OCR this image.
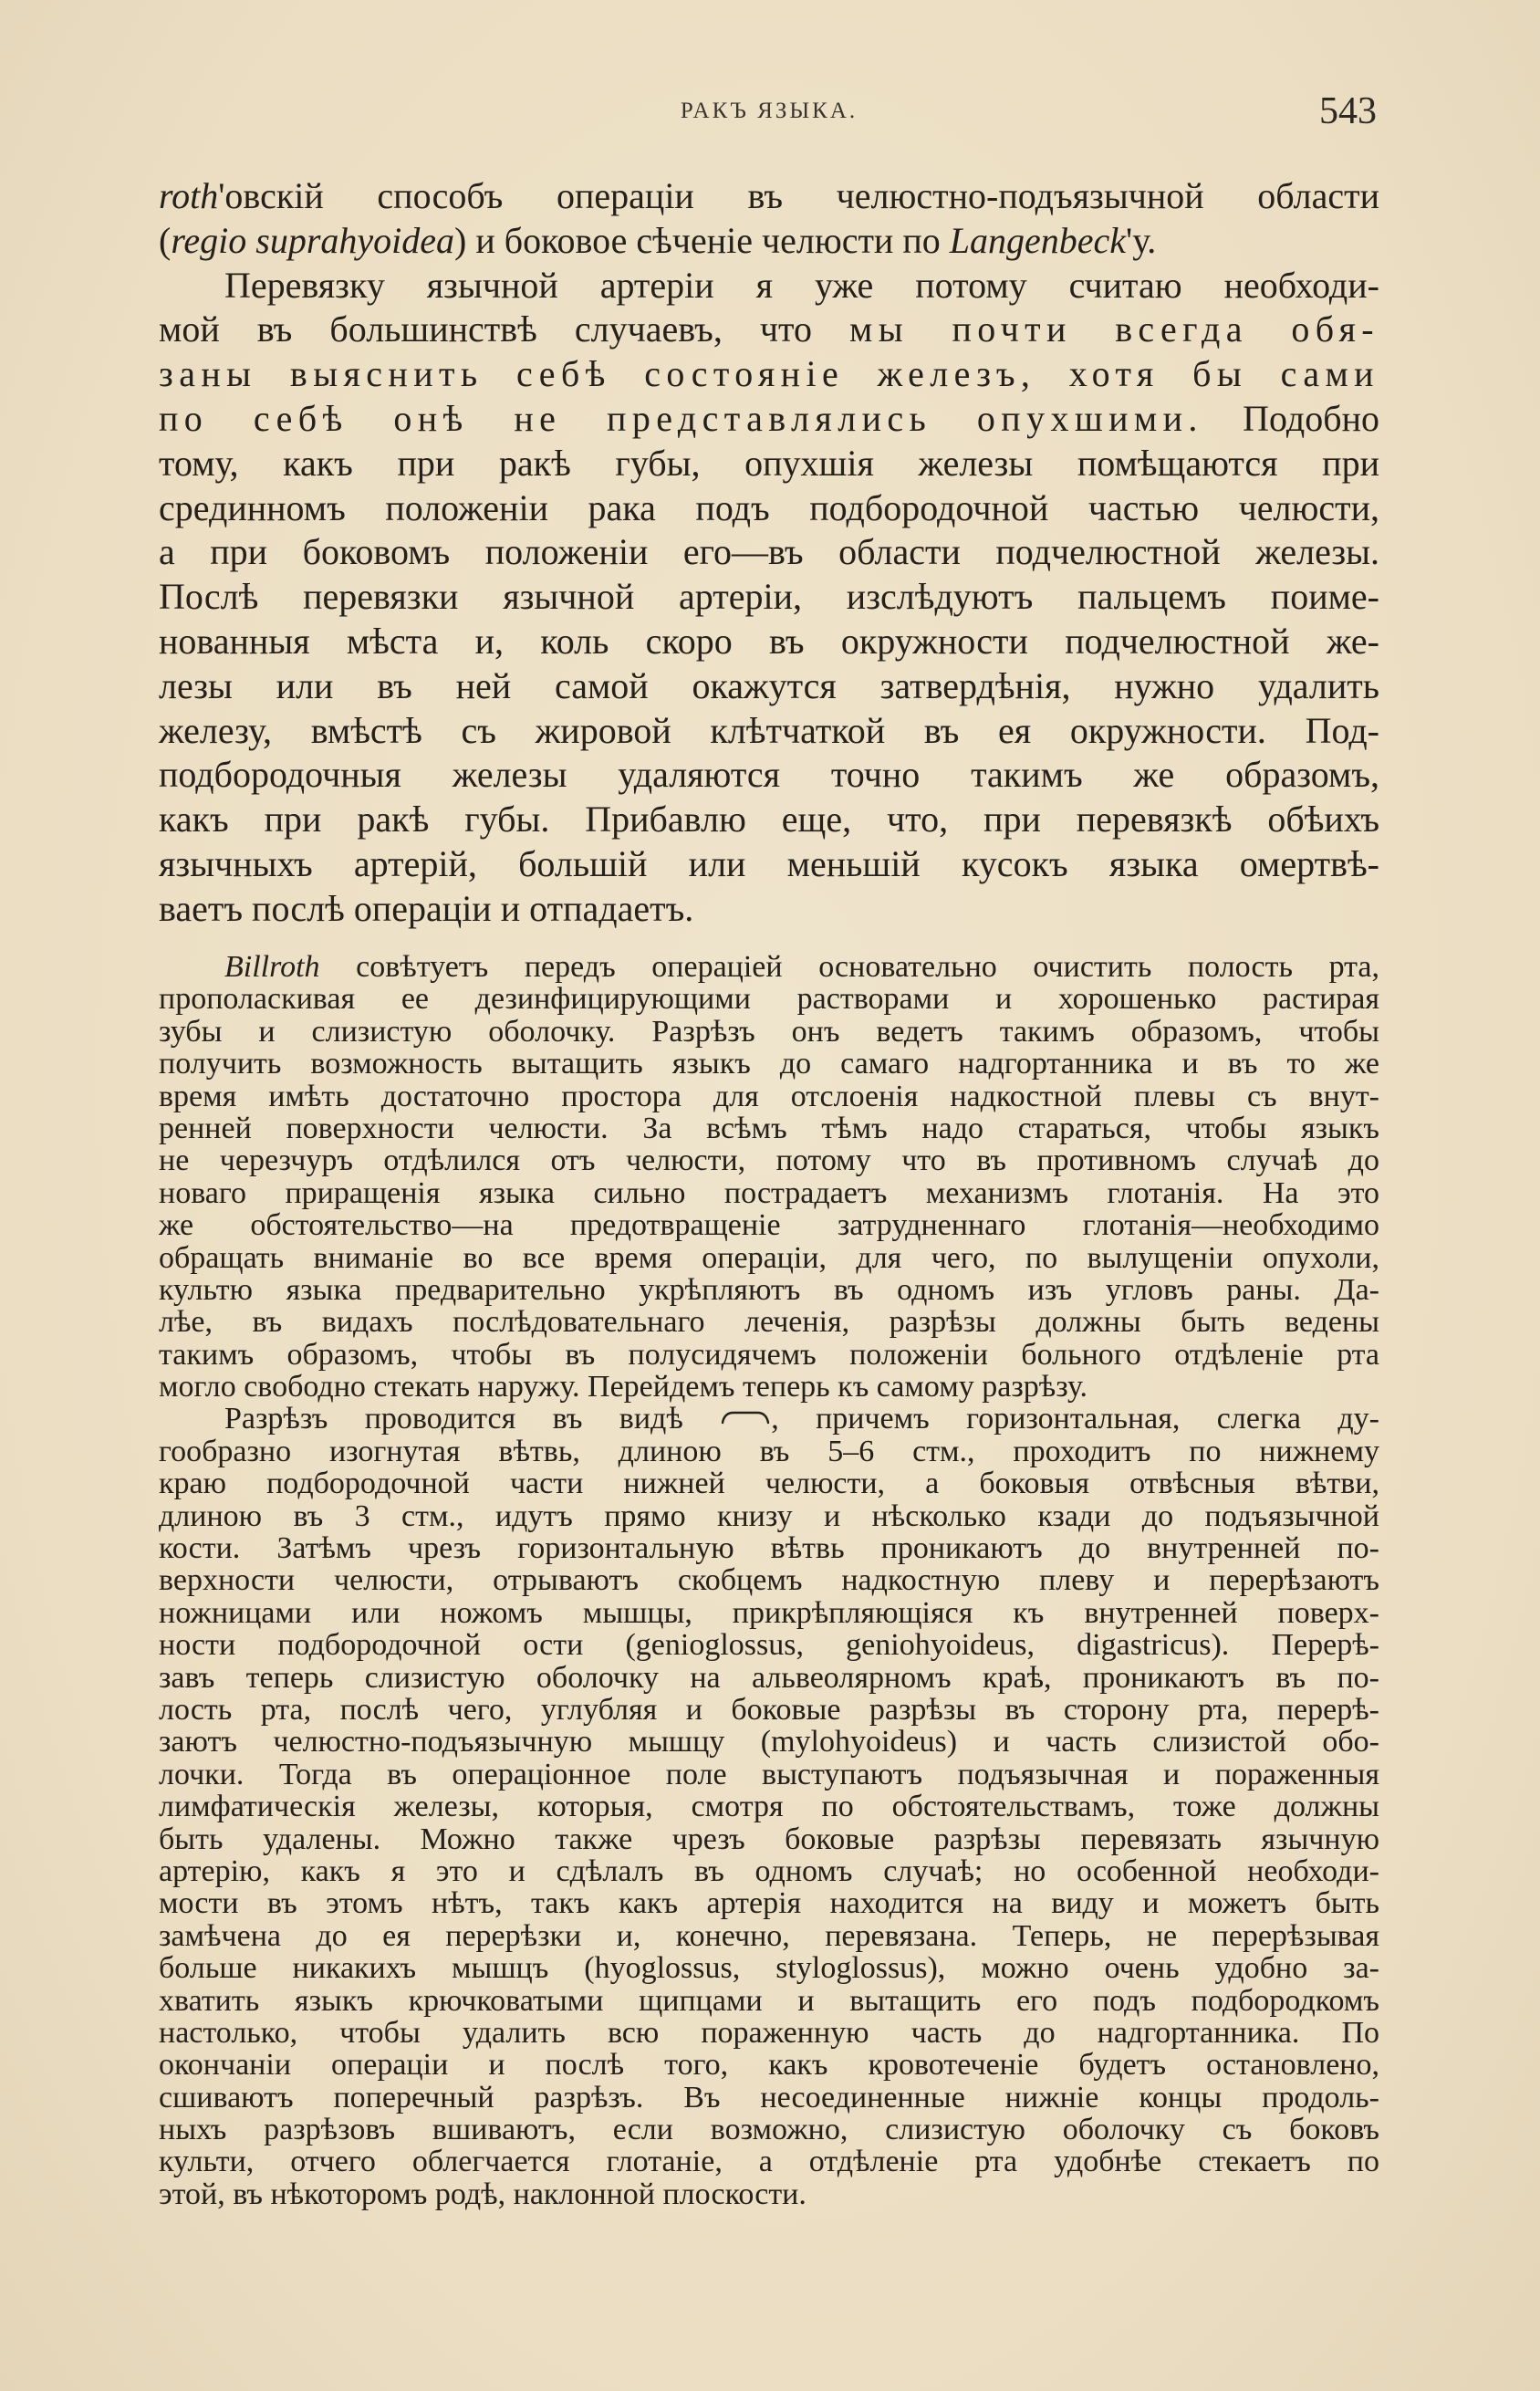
РАКЪ ЯЗЫКА.	543
roth'овскій способъ операціи въ челюстно-подъязычной области
(regio suprahyoidea) и боковое сѣченіе челюсти по Langenbeck'у.
Перевязку язычной артеріи я уже потому считаю необходи-
мой въ большинствѣ случаевъ, что мы почти всегда обя-
заны выяснить себѣ состояніе железъ, хотя бы сами
по себѣ онѣ не представлялись опухшими. Подобно
тому, какъ при ракѣ губы, опухшія железы помѣщаются при
срединномъ положеніи рака подъ подбородочной частью челюсти,
а при боковомъ положеніи его—въ области подчелюстной железы.
Послѣ перевязки язычной артеріи, изслѣдуютъ пальцемъ поиме-
нованныя мѣста и, коль скоро въ окружности подчелюстной же-
лезы или въ ней самой окажутся затвердѣнія, нужно удалить
железу, вмѣстѣ съ жировой клѣтчаткой въ ея окружности. Под-
подбородочныя железы удаляются точно такимъ же образомъ,
какъ при ракѣ губы. Прибавлю еще, что, при перевязкѣ обѣихъ
язычныхъ артерій, большій или меньшій кусокъ языка омертвѣ-
ваетъ послѣ операціи и отпадаетъ.
Billroth совѣтуетъ передъ операціей основательно очистить полость рта,
прополаскивая ее дезинфицирующими растворами и хорошенько растирая
зубы и слизистую оболочку. Разрѣзъ онъ ведетъ такимъ образомъ, чтобы
получить возможность вытащить языкъ до самаго надгортанника и въ то же
время имѣть достаточно простора для отслоенія надкостной плевы съ внут-
ренней поверхности челюсти. За всѣмъ тѣмъ надо стараться, чтобы языкъ
не черезчуръ отдѣлился отъ челюсти, потому что въ противномъ случаѣ до
новаго приращенія языка сильно пострадаетъ механизмъ глотанія. На это
же обстоятельство—на предотвращеніе затрудненнаго глотанія—необходимо
обращать вниманіе во все время операціи, для чего, по вылущеніи опухоли,
культю языка предварительно укрѣпляютъ въ одномъ изъ угловъ раны. Да-
лѣе, въ видахъ послѣдовательнаго леченія, разрѣзы должны быть ведены
такимъ образомъ, чтобы въ полусидячемъ положеніи больного отдѣленіе рта
могло свободно стекать наружу. Перейдемъ теперь къ самому разрѣзу.
Разрѣзъ проводится въ видѣ
, причемъ горизонтальная, слегка ду-
гообразно изогнутая вѣтвь, длиною въ 5–6 стм., проходитъ по нижнему
краю подбородочной части нижней челюсти, а боковыя отвѣсныя вѣтви,
длиною въ 3 стм., идутъ прямо книзу и нѣсколько кзади до подъязычной
кости. Затѣмъ чрезъ горизонтальную вѣтвь проникаютъ до внутренней по-
верхности челюсти, отрываютъ скобцемъ надкостную плеву и перерѣзаютъ
ножницами или ножомъ мышцы, прикрѣпляющіяся къ внутренней поверх-
ности подбородочной ости (genioglossus, geniohyoideus, digastricus). Перерѣ-
завъ теперь слизистую оболочку на альвеолярномъ краѣ, проникаютъ въ по-
лость рта, послѣ чего, углубляя и боковые разрѣзы въ сторону рта, перерѣ-
заютъ челюстно-подъязычную мышцу (mylohyoideus) и часть слизистой обо-
лочки. Тогда въ операціонное поле выступаютъ подъязычная и пораженныя
лимфатическія железы, которыя, смотря по обстоятельствамъ, тоже должны
быть удалены. Можно также чрезъ боковые разрѣзы перевязать язычную
артерію, какъ я это и сдѣлалъ въ одномъ случаѣ; но особенной необходи-
мости въ этомъ нѣтъ, такъ какъ артерія находится на виду и можетъ быть
замѣчена до ея перерѣзки и, конечно, перевязана. Теперь, не перерѣзывая
больше никакихъ мышцъ (hyoglossus, styloglossus), можно очень удобно за-
хватить языкъ крючковатыми щипцами и вытащить его подъ подбородкомъ
настолько, чтобы удалить всю пораженную часть до надгортанника. По
окончаніи операціи и послѣ того, какъ кровотеченіе будетъ остановлено,
сшиваютъ поперечный разрѣзъ. Въ несоединенные нижніе концы продоль-
ныхъ разрѣзовъ вшиваютъ, если возможно, слизистую оболочку съ боковъ
культи, отчего облегчается глотаніе, а отдѣленіе рта удобнѣе стекаетъ по
этой, въ нѣкоторомъ родѣ, наклонной плоскости.
